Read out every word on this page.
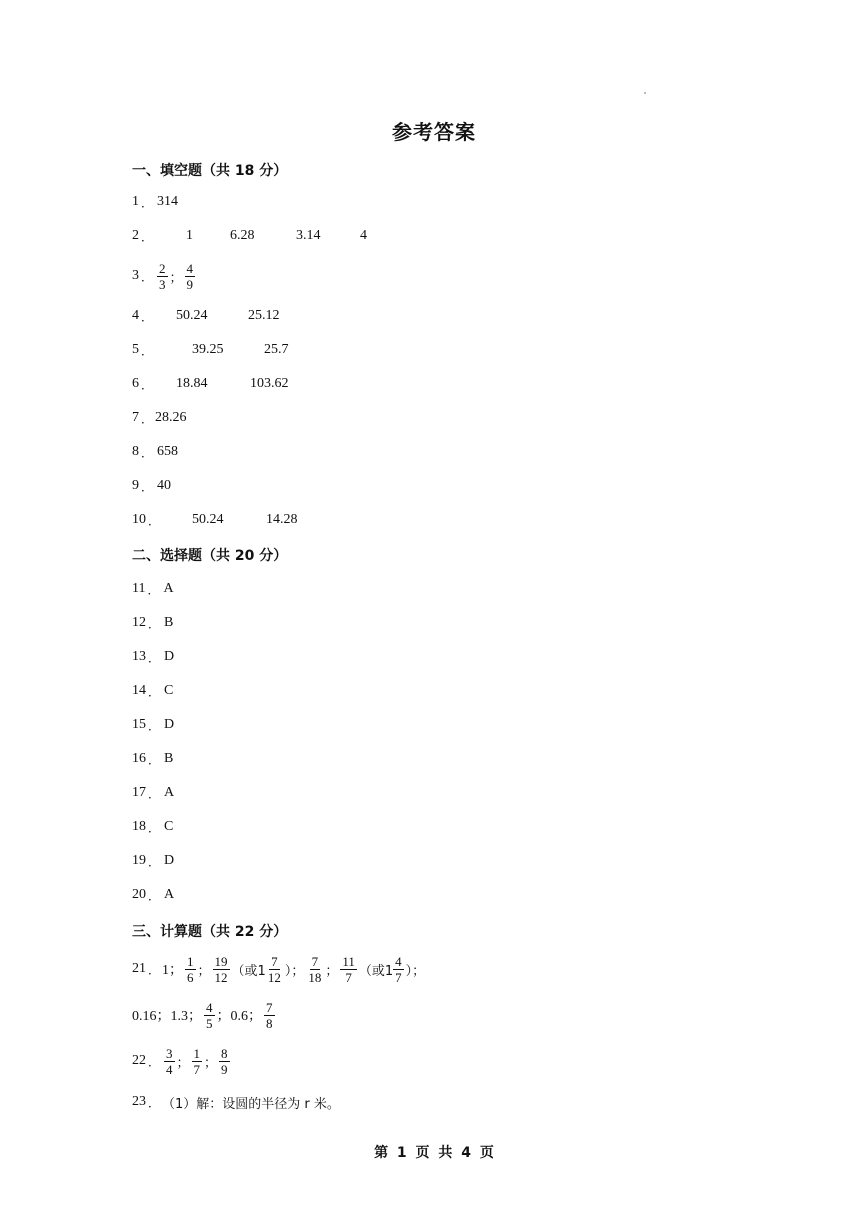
参考答案
一、填空题（共 18 分）
1 ． 314
2 ． 1	6.28	3.14	4
3 ． $\frac{2}{3}$ ； $\frac{4}{9}$
4 ． 50.24	25.12
5 ．	39.25	25.7
6 ． 18.84	103.62
7 ． 28.26
8 ． 658
9 ． 40
10 ． 50.24	14.28
二、选择题（共 20 分）
11 ． A
12 ． B
13 ． D
14 ． C
15 ． D
16 ． B
17 ． A
18 ． C
19 ． D
20 ． A
三、计算题（共 22 分）
21 ． 1； $\frac{1}{6}$ ； $\frac{19}{12}$ （或$1 \frac{7}{12}$ ）； $\frac{7}{18}$ ； $\frac{11}{7}$ （或$1 \frac{4}{7}$ ）；
0.16；1.3； $\frac{4}{5}$ ；0.6； $\frac{7}{8}$
22 ． $\frac{3}{4}$ ； $\frac{1}{7}$ ； $\frac{8}{9}$
23 ． （1）解：设圆的半径为 r 米。
第 1 页 共 4 页
